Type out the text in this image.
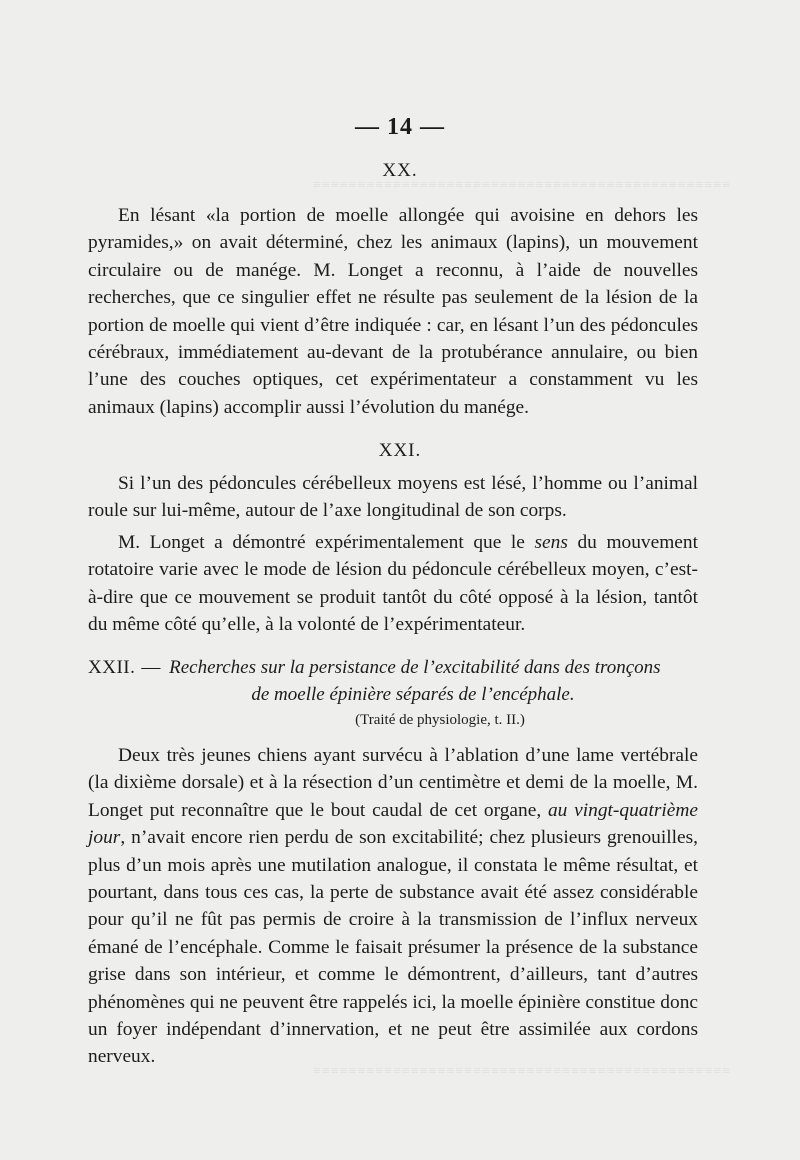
≡≡≡≡≡≡≡≡≡≡≡≡≡≡≡≡≡≡≡≡≡≡≡≡≡≡≡≡≡≡≡≡≡≡≡≡≡≡≡≡≡≡≡≡≡≡≡
≡≡≡≡≡≡≡≡≡≡≡≡≡≡≡≡≡≡≡≡≡≡≡≡≡≡≡≡≡≡≡≡≡≡≡≡≡≡≡≡≡≡≡≡≡≡≡
— 14 —
XX.

En lésant «la portion de moelle allongée qui avoisine en dehors les pyramides,» on avait déterminé, chez les animaux (lapins), un mouvement circulaire ou de manége. M. Longet a reconnu, à l’aide de nouvelles recherches, que ce singulier effet ne résulte pas seulement de la lésion de la portion de moelle qui vient d’être indiquée : car, en lésant l’un des pédoncules cérébraux, immédiatement au-devant de la protubérance annulaire, ou bien l’une des couches optiques, cet expérimentateur a constamment vu les animaux (lapins) accomplir aussi l’évolution du manége.

XXI.

Si l’un des pédoncules cérébelleux moyens est lésé, l’homme ou l’animal roule sur lui-même, autour de l’axe longitudinal de son corps.

M. Longet a démontré expérimentalement que le sens du mouvement rotatoire varie avec le mode de lésion du pédoncule cérébelleux moyen, c’est-à-dire que ce mouvement se produit tantôt du côté opposé à la lésion, tantôt du même côté qu’elle, à la volonté de l’expérimentateur.

XXII. — Recherches sur la persistance de l’excitabilité dans des tronçons
de moelle épinière séparés de l’encéphale.
(Traité de physiologie, t. II.)

Deux très jeunes chiens ayant survécu à l’ablation d’une lame vertébrale (la dixième dorsale) et à la résection d’un centimètre et demi de la moelle, M. Longet put reconnaître que le bout caudal de cet organe, au vingt-quatrième jour, n’avait encore rien perdu de son excitabilité; chez plusieurs grenouilles, plus d’un mois après une mutilation analogue, il constata le même résultat, et pourtant, dans tous ces cas, la perte de substance avait été assez considérable pour qu’il ne fût pas permis de croire à la transmission de l’influx nerveux émané de l’encéphale. Comme le faisait présumer la présence de la substance grise dans son intérieur, et comme le démontrent, d’ailleurs, tant d’autres phénomènes qui ne peuvent être rappelés ici, la moelle épinière constitue donc un foyer indépendant d’innervation, et ne peut être assimilée aux cordons nerveux.
